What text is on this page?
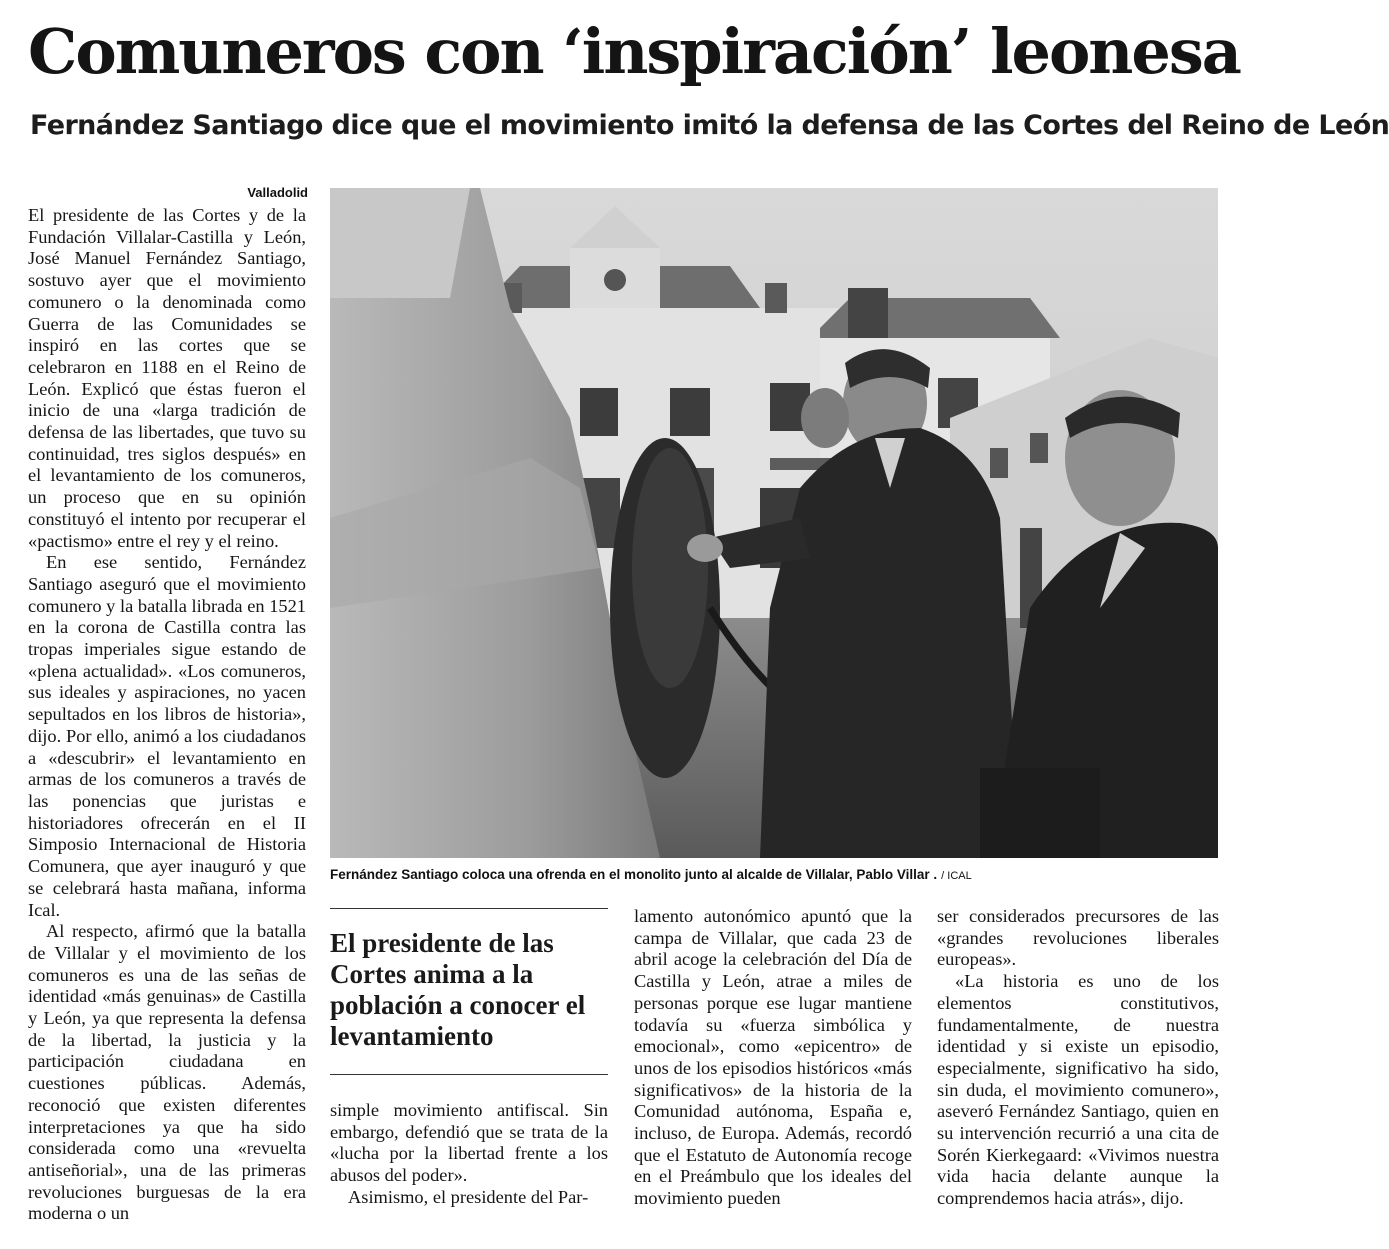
Comuneros con ‘inspiración’ leonesa
Fernández Santiago dice que el movimiento imitó la defensa de las Cortes del Reino de León
Valladolid

El presidente de las Cortes y de la Fundación Villalar-Castilla y León, José Manuel Fernández Santiago, sostuvo ayer que el movimiento comunero o la denominada como Guerra de las Comunidades se inspiró en las cortes que se celebraron en 1188 en el Reino de León. Explicó que éstas fueron el inicio de una «larga tradición de defensa de las libertades, que tuvo su continuidad, tres siglos después» en el levantamiento de los comuneros, un proceso que en su opinión constituyó el intento por recuperar el «pactismo» entre el rey y el reino.

En ese sentido, Fernández Santiago aseguró que el movimiento comunero y la batalla librada en 1521 en la corona de Castilla contra las tropas imperiales sigue estando de «plena actualidad». «Los comuneros, sus ideales y aspiraciones, no yacen sepultados en los libros de historia», dijo. Por ello, animó a los ciudadanos a «descubrir» el levantamiento en armas de los comuneros a través de las ponencias que juristas e historiadores ofrecerán en el II Simposio Internacional de Historia Comunera, que ayer inauguró y que se celebrará hasta mañana, informa Ical.

Al respecto, afirmó que la batalla de Villalar y el movimiento de los comuneros es una de las señas de identidad «más genuinas» de Castilla y León, ya que representa la defensa de la libertad, la justicia y la participación ciudadana en cuestiones públicas. Además, reconoció que existen diferentes interpretaciones ya que ha sido considerada como una «revuelta antiseñorial», una de las primeras revoluciones burguesas de la era moderna o un

Fernández Santiago coloca una ofrenda en el monolito junto al alcalde de Villalar, Pablo Villar . / ICAL
El presidente de las Cortes anima a la población a conocer el levantamiento

simple movimiento antifiscal. Sin embargo, defendió que se trata de la «lucha por la libertad frente a los abusos del poder».

Asimismo, el presidente del Par-

lamento autonómico apuntó que la campa de Villalar, que cada 23 de abril acoge la celebración del Día de Castilla y León, atrae a miles de personas porque ese lugar mantiene todavía su «fuerza simbólica y emocional», como «epicentro» de unos de los episodios históricos «más significativos» de la historia de la Comunidad autónoma, España e, incluso, de Europa. Además, recordó que el Estatuto de Autonomía recoge en el Preámbulo que los ideales del movimiento pueden

ser considerados precursores de las «grandes revoluciones liberales europeas».

«La historia es uno de los elementos constitutivos, fundamentalmente, de nuestra identidad y si existe un episodio, especialmente, significativo ha sido, sin duda, el movimiento comunero», aseveró Fernández Santiago, quien en su intervención recurrió a una cita de Sorén Kierkegaard: «Vivimos nuestra vida hacia delante aunque la comprendemos hacia atrás», dijo.
